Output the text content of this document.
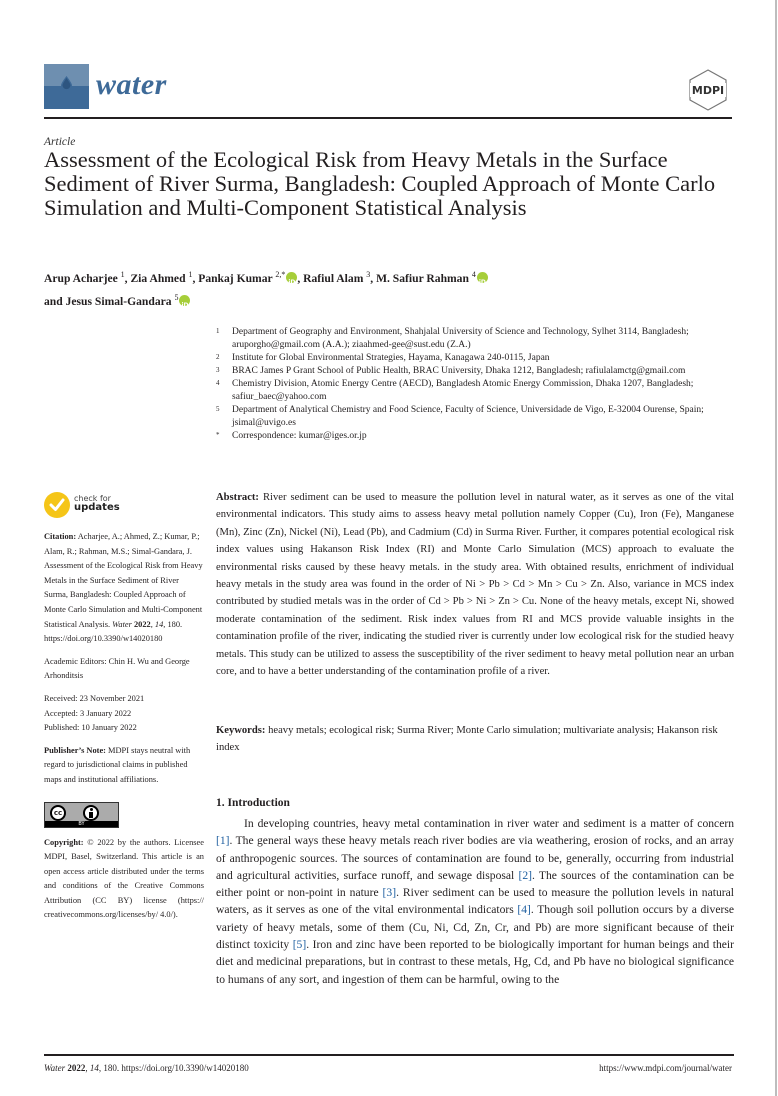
water	MDPI
Article
Assessment of the Ecological Risk from Heavy Metals in the Surface Sediment of River Surma, Bangladesh: Coupled Approach of Monte Carlo Simulation and Multi-Component Statistical Analysis
Arup Acharjee $^1$, Zia Ahmed $^1$, Pankaj Kumar $^{2,*}$ iD , Rafiul Alam $^3$, M. Safiur Rahman $^4$iD
and Jesus Simal-Gandara $^5$iD
1 Department of Geography and Environment, Shahjalal University of Science and Technology, Sylhet 3114, Bangladesh; aruporgho@gmail.com (A.A.); ziaahmed-gee@sust.edu (Z.A.)
2 Institute for Global Environmental Strategies, Hayama, Kanagawa 240-0115, Japan
3 BRAC James P Grant School of Public Health, BRAC University, Dhaka 1212, Bangladesh; rafiulalamctg@gmail.com
4 Chemistry Division, Atomic Energy Centre (AECD), Bangladesh Atomic Energy Commission, Dhaka 1207, Bangladesh; safiur_baec@yahoo.com
5 Department of Analytical Chemistry and Food Science, Faculty of Science, Universidade de Vigo, E-32004 Ourense, Spain; jsimal@uvigo.es
* Correspondence: kumar@iges.or.jp
check for
updates
Citation: Acharjee, A.; Ahmed, Z.; Kumar, P.; Alam, R.; Rahman, M.S.; Simal-Gandara, J. Assessment of the Ecological Risk from Heavy Metals in the Surface Sediment of River Surma, Bangladesh: Coupled Approach of Monte Carlo Simulation and Multi-Component Statistical Analysis. Water 2022, 14, 180. https://doi.org/10.3390/w14020180
Academic Editors: Chin H. Wu and George Arhonditsis
Received: 23 November 2021
Accepted: 3 January 2022
Published: 10 January 2022
Publisher’s Note: MDPI stays neutral with regard to jurisdictional claims in published maps and institutional affiliations.
cc
BY
Copyright: © 2022 by the authors. Licensee MDPI, Basel, Switzerland. This article is an open access article distributed under the terms and conditions of the Creative Commons Attribution (CC BY) license (https:// creativecommons.org/licenses/by/ 4.0/).
Abstract: River sediment can be used to measure the pollution level in natural water, as it serves as one of the vital environmental indicators. This study aims to assess heavy metal pollution namely Copper (Cu), Iron (Fe), Manganese (Mn), Zinc (Zn), Nickel (Ni), Lead (Pb), and Cadmium (Cd) in Surma River. Further, it compares potential ecological risk index values using Hakanson Risk Index (RI) and Monte Carlo Simulation (MCS) approach to evaluate the environmental risks caused by these heavy metals. in the study area. With obtained results, enrichment of individual heavy metals in the study area was found in the order of Ni > Pb > Cd > Mn > Cu > Zn. Also, variance in MCS index contributed by studied metals was in the order of Cd > Pb > Ni > Zn > Cu. None of the heavy metals, except Ni, showed moderate contamination of the sediment. Risk index values from RI and MCS provide valuable insights in the contamination profile of the river, indicating the studied river is currently under low ecological risk for the studied heavy metals. This study can be utilized to assess the susceptibility of the river sediment to heavy metal pollution near an urban core, and to have a better understanding of the contamination profile of a river.
Keywords: heavy metals; ecological risk; Surma River; Monte Carlo simulation; multivariate analysis; Hakanson risk index
1. Introduction

In developing countries, heavy metal contamination in river water and sediment is a matter of concern [1]. The general ways these heavy metals reach river bodies are via weathering, erosion of rocks, and an array of anthropogenic sources. The sources of contamination are found to be, generally, occurring from industrial and agricultural activities, surface runoff, and sewage disposal [2]. The sources of the contamination can be either point or non-point in nature [3]. River sediment can be used to measure the pollution levels in natural waters, as it serves as one of the vital environmental indicators [4]. Though soil pollution occurs by a diverse variety of heavy metals, some of them (Cu, Ni, Cd, Zn, Cr, and Pb) are more significant because of their distinct toxicity [5]. Iron and zinc have been reported to be biologically important for human beings and their diet and medicinal preparations, but in contrast to these metals, Hg, Cd, and Pb have no biological significance to humans of any sort, and ingestion of them can be harmful, owing to the

Water 2022, 14, 180. https://doi.org/10.3390/w14020180	https://www.mdpi.com/journal/water
